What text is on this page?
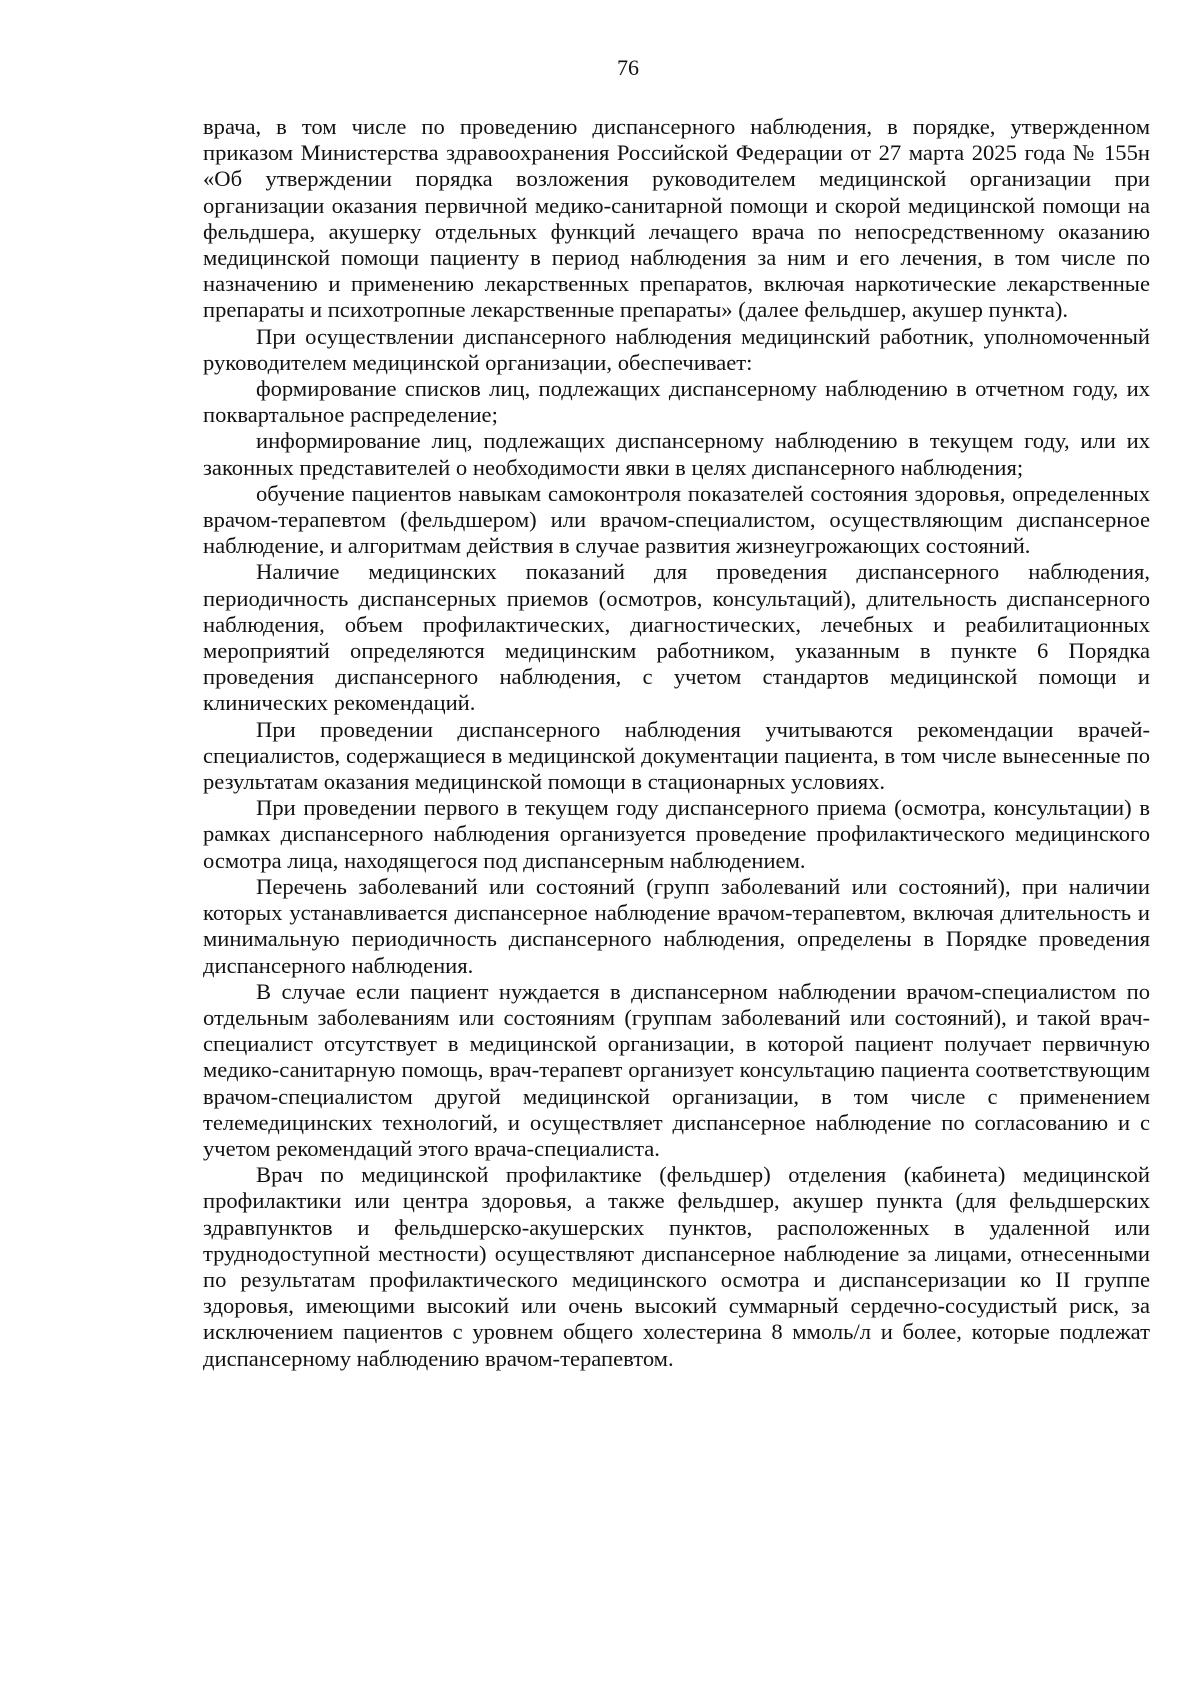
76

врача, в том числе по проведению диспансерного наблюдения, в порядке, утвержденном приказом Министерства здравоохранения Российской Федерации от 27 марта 2025 года № 155н «Об утверждении порядка возложения руководителем медицинской организации при организации оказания первичной медико-санитарной помощи и скорой медицинской помощи на фельдшера, акушерку отдельных функций лечащего врача по непосредственному оказанию медицинской помощи пациенту в период наблюдения за ним и его лечения, в том числе по назначению и применению лекарственных препаратов, включая наркотические лекарственные препараты и психотропные лекарственные препараты» (далее фельдшер, акушер пункта).

При осуществлении диспансерного наблюдения медицинский работник, уполномоченный руководителем медицинской организации, обеспечивает:

формирование списков лиц, подлежащих диспансерному наблюдению в отчетном году, их поквартальное распределение;

информирование лиц, подлежащих диспансерному наблюдению в текущем году, или их законных представителей о необходимости явки в целях диспансерного наблюдения;

обучение пациентов навыкам самоконтроля показателей состояния здоровья, определенных врачом-терапевтом (фельдшером) или врачом-специалистом, осуществляющим диспансерное наблюдение, и алгоритмам действия в случае развития жизнеугрожающих состояний.

Наличие медицинских показаний для проведения диспансерного наблюдения, периодичность диспансерных приемов (осмотров, консультаций), длительность диспансерного наблюдения, объем профилактических, диагностических, лечебных и реабилитационных мероприятий определяются медицинским работником, указанным в пункте 6 Порядка проведения диспансерного наблюдения, с учетом стандартов медицинской помощи и клинических рекомендаций.

При проведении диспансерного наблюдения учитываются рекомендации врачей-специалистов, содержащиеся в медицинской документации пациента, в том числе вынесенные по результатам оказания медицинской помощи в стационарных условиях.

При проведении первого в текущем году диспансерного приема (осмотра, консультации) в рамках диспансерного наблюдения организуется проведение профилактического медицинского осмотра лица, находящегося под диспансерным наблюдением.

Перечень заболеваний или состояний (групп заболеваний или состояний), при наличии которых устанавливается диспансерное наблюдение врачом-терапевтом, включая длительность и минимальную периодичность диспансерного наблюдения, определены в Порядке проведения диспансерного наблюдения.

В случае если пациент нуждается в диспансерном наблюдении врачом-специалистом по отдельным заболеваниям или состояниям (группам заболеваний или состояний), и такой врач-специалист отсутствует в медицинской организации, в которой пациент получает первичную медико-санитарную помощь, врач-терапевт организует консультацию пациента соответствующим врачом-специалистом другой медицинской организации, в том числе с применением телемедицинских технологий, и осуществляет диспансерное наблюдение по согласованию и с учетом рекомендаций этого врача-специалиста.

Врач по медицинской профилактике (фельдшер) отделения (кабинета) медицинской профилактики или центра здоровья, а также фельдшер, акушер пункта (для фельдшерских здравпунктов и фельдшерско-акушерских пунктов, расположенных в удаленной или труднодоступной местности) осуществляют диспансерное наблюдение за лицами, отнесенными по результатам профилактического медицинского осмотра и диспансеризации ко II группе здоровья, имеющими высокий или очень высокий суммарный сердечно-сосудистый риск, за исключением пациентов с уровнем общего холестерина 8 ммоль/л и более, которые подлежат диспансерному наблюдению врачом-терапевтом.
